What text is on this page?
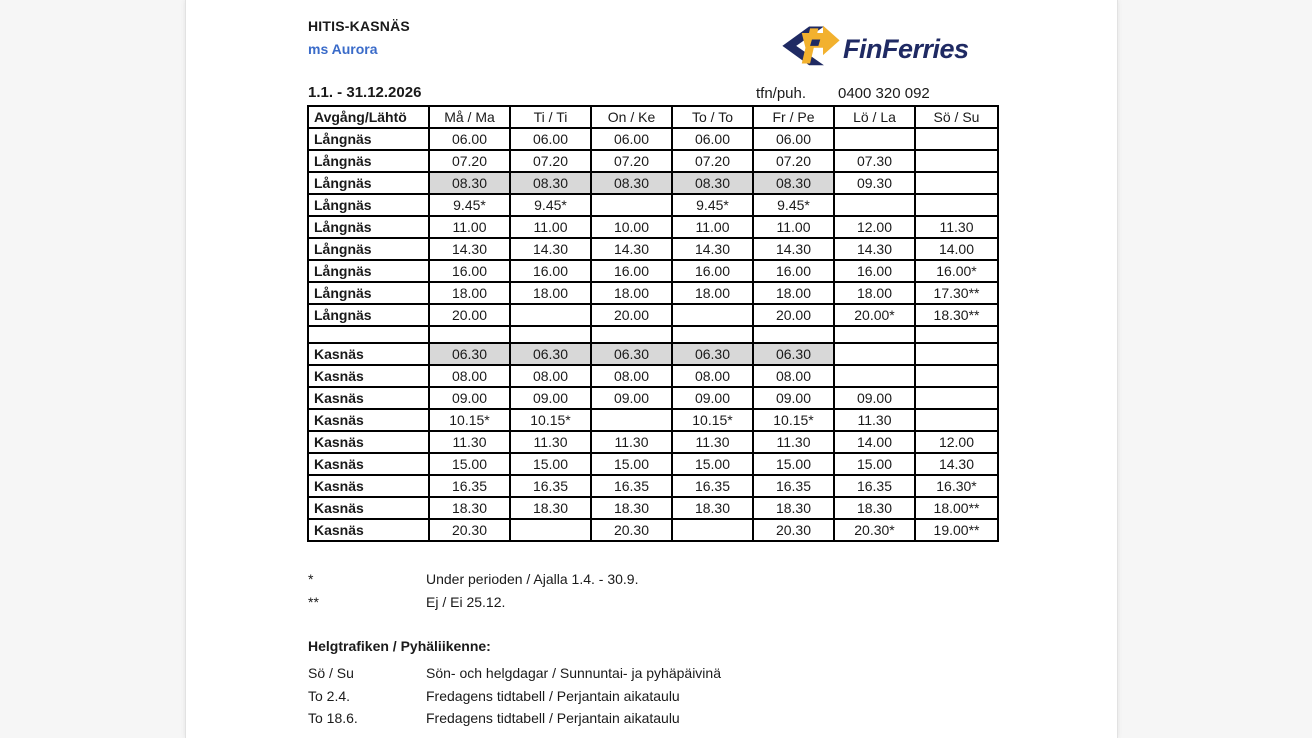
HITIS-KASNÄS
ms Aurora	FinFerries
1.1. - 31.12.2026	tfn/puh. 0400 320 092
Avgång/Lähtö	Må / Ma	Ti / Ti	On / Ke	To / To	Fr / Pe	Lö / La	Sö / Su
Långnäs	06.00	06.00	06.00	06.00	06.00		
Långnäs	07.20	07.20	07.20	07.20	07.20	07.30	
Långnäs	08.30	08.30	08.30	08.30	08.30	09.30	
Långnäs	9.45*	9.45*		9.45*	9.45*		
Långnäs	11.00	11.00	10.00	11.00	11.00	12.00	11.30
Långnäs	14.30	14.30	14.30	14.30	14.30	14.30	14.00
Långnäs	16.00	16.00	16.00	16.00	16.00	16.00	16.00*
Långnäs	18.00	18.00	18.00	18.00	18.00	18.00	17.30**
Långnäs	20.00		20.00		20.00	20.00*	18.30**

Kasnäs	06.30	06.30	06.30	06.30	06.30		
Kasnäs	08.00	08.00	08.00	08.00	08.00		
Kasnäs	09.00	09.00	09.00	09.00	09.00	09.00	
Kasnäs	10.15*	10.15*		10.15*	10.15*	11.30	
Kasnäs	11.30	11.30	11.30	11.30	11.30	14.00	12.00
Kasnäs	15.00	15.00	15.00	15.00	15.00	15.00	14.30
Kasnäs	16.35	16.35	16.35	16.35	16.35	16.35	16.30*
Kasnäs	18.30	18.30	18.30	18.30	18.30	18.30	18.00**
Kasnäs	20.30		20.30		20.30	20.30*	19.00**
*	Under perioden / Ajalla 1.4. - 30.9.
**	Ej / Ei 25.12.
Helgtrafiken / Pyhäliikenne:
Sö / Su	Sön- och helgdagar / Sunnuntai- ja pyhäpäivinä
To 2.4.	Fredagens tidtabell / Perjantain aikataulu
To 18.6.	Fredagens tidtabell / Perjantain aikataulu
